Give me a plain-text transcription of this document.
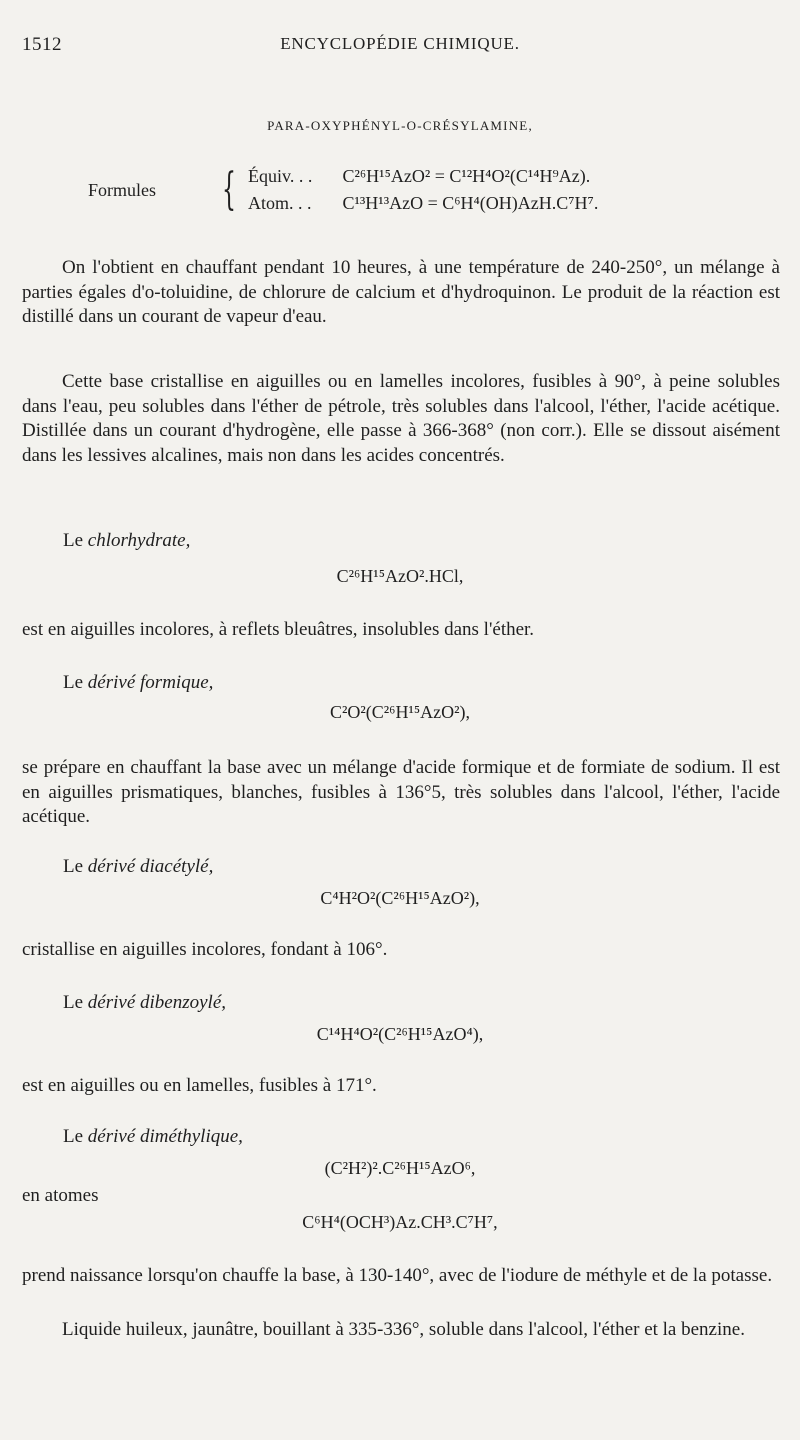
1512	ENCYCLOPÉDIE CHIMIQUE.
PARA-OXYPHÉNYL-O-CRÉSYLAMINE,
Formules { Équiv. . . C²⁶H¹⁵AzO² = C¹²H⁴O²(C¹⁴H⁹Az).
Atom. . . C¹³H¹³AzO = C⁶H⁴(OH)AzH.C⁷H⁷.
On l'obtient en chauffant pendant 10 heures, à une température de 240-250°, un mélange à parties égales d'o-toluidine, de chlorure de calcium et d'hydroquinon. Le produit de la réaction est distillé dans un courant de vapeur d'eau.
Cette base cristallise en aiguilles ou en lamelles incolores, fusibles à 90°, à peine solubles dans l'eau, peu solubles dans l'éther de pétrole, très solubles dans l'alcool, l'éther, l'acide acétique. Distillée dans un courant d'hydrogène, elle passe à 366-368° (non corr.). Elle se dissout aisément dans les lessives alcalines, mais non dans les acides concentrés.
Le chlorhydrate,
C²⁶H¹⁵AzO².HCl,
est en aiguilles incolores, à reflets bleuâtres, insolubles dans l'éther.
Le dérivé formique,
C²O²(C²⁶H¹⁵AzO²),
se prépare en chauffant la base avec un mélange d'acide formique et de formiate de sodium. Il est en aiguilles prismatiques, blanches, fusibles à 136°5, très solubles dans l'alcool, l'éther, l'acide acétique.
Le dérivé diacétylé,
C⁴H²O²(C²⁶H¹⁵AzO²),
cristallise en aiguilles incolores, fondant à 106°.
Le dérivé dibenzoylé,
C¹⁴H⁴O²(C²⁶H¹⁵AzO⁴),
est en aiguilles ou en lamelles, fusibles à 171°.
Le dérivé diméthylique,
(C²H²)².C²⁶H¹⁵AzO⁶,
en atomes
C⁶H⁴(OCH³)Az.CH³.C⁷H⁷,
prend naissance lorsqu'on chauffe la base, à 130-140°, avec de l'iodure de méthyle et de la potasse.
Liquide huileux, jaunâtre, bouillant à 335-336°, soluble dans l'alcool, l'éther et la benzine.
